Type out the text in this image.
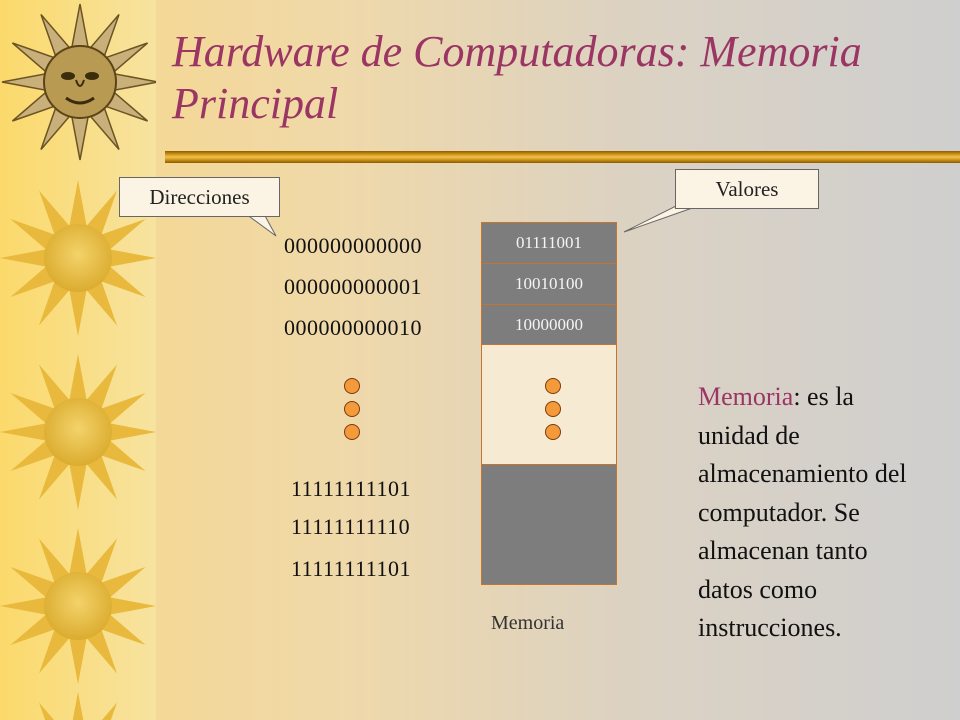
Hardware de Computadoras: Memoria Principal
Direcciones	Valores
000000000000
000000000001
000000000010
11111111101
11111111110
11111111101
01111001
10010100
10000000
Memoria
Memoria: es la unidad de almacenamiento del computador. Se almacenan tanto datos como instrucciones.
